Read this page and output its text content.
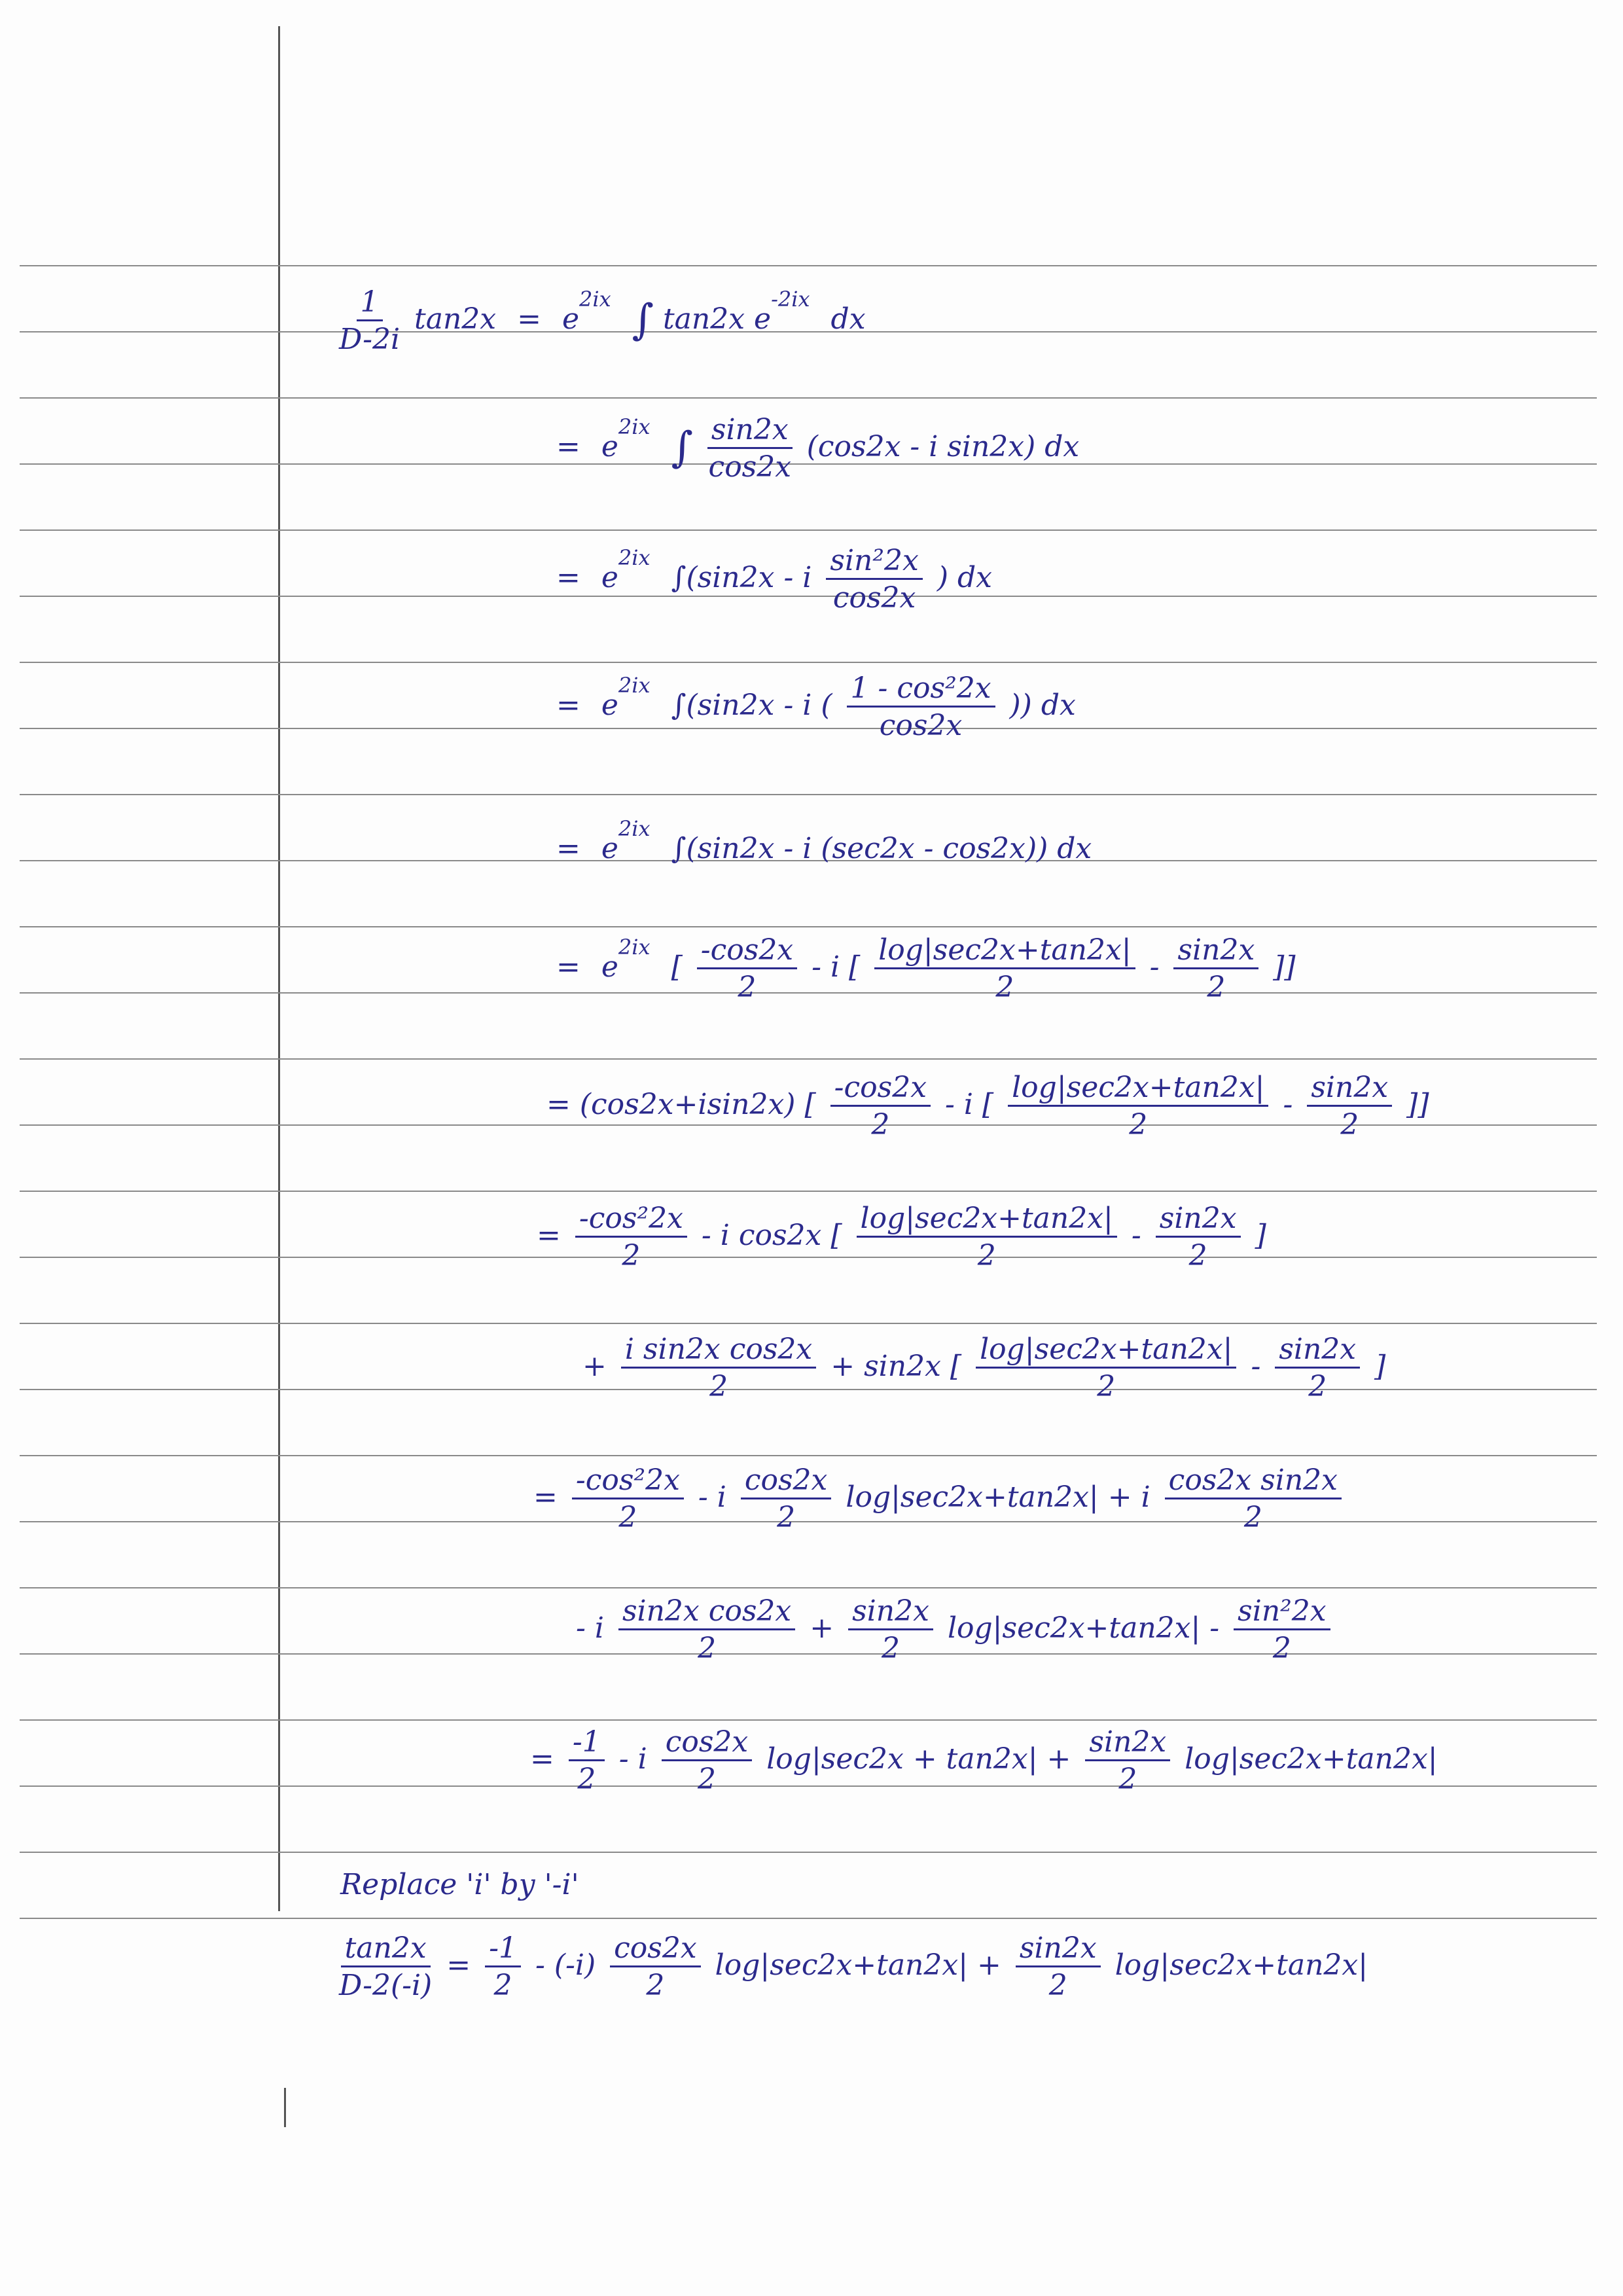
$\frac{1}{D-2i} \tan 2x = e^{2ix}$ ∫ tan2x $e^{-2ix}$ dx
= $e^{2ix}$ ∫ $\frac{\sin 2x}{\cos 2x} (\cos 2x$ - i sin2x) dx
= $e^{2ix}$ ∫(sin2x - i $\frac{\text{sin²2x}}{\cos 2x}$ ) dx
= $e^{2ix}$ ∫(sin2x - i ( $\frac{\text{1 - cos²2x}}{\cos 2x}$ )) dx
= $e^{2ix}$ ∫(sin2x - i (sec2x - cos2x)) dx
= $e^{2ix}$ [ $\frac{-\cos 2x}{2}$ - i [ $\frac{\log|\sec 2x+\tan 2x|}{2} - \frac{\sin 2x}{2}$ ]]
= (cos2x+isin2x) [ $\frac{-\cos 2x}{2}$ - i [ $\frac{\log|\sec 2x+\tan 2x|}{2} - \frac{\sin 2x}{2}$ ]]
= $\frac{\text{-cos²2x}}{2}$ - i cos2x [ $\frac{\log|\sec 2x+\tan 2x|}{2} - \frac{\sin 2x}{2}$ ]
+ $\frac{\text{i sin2x cos2x}}{2} + \sin 2x$ [ $\frac{\log|\sec 2x+\tan 2x|}{2} - \frac{\sin 2x}{2}$ ]
= $\frac{\text{-cos²2x}}{2} - i \frac{\cos 2x}{2} \log|\sec 2x+\tan 2x| + i \frac{\text{cos2x sin2x}}{2}$
- i $\frac{\text{sin2x cos2x}}{2} + \frac{\sin 2x}{2} \log|\sec 2x+\tan 2x| - \frac{\text{sin²2x}}{2}$
= $\frac{-1}{2} - i \frac{\cos 2x}{2} \log|\sec 2x + \tan 2x| + \frac{\sin 2x}{2} \log|\sec 2x+\tan 2x|$
Replace 'i' by '-i'
$\frac{\tan 2x}{D-2(-i)} = \frac{-1}{2} - (-i) \frac{\cos 2x}{2} \log|\sec 2x+\tan 2x| + \frac{\sin 2x}{2} \log|\sec 2x+\tan 2x|$
